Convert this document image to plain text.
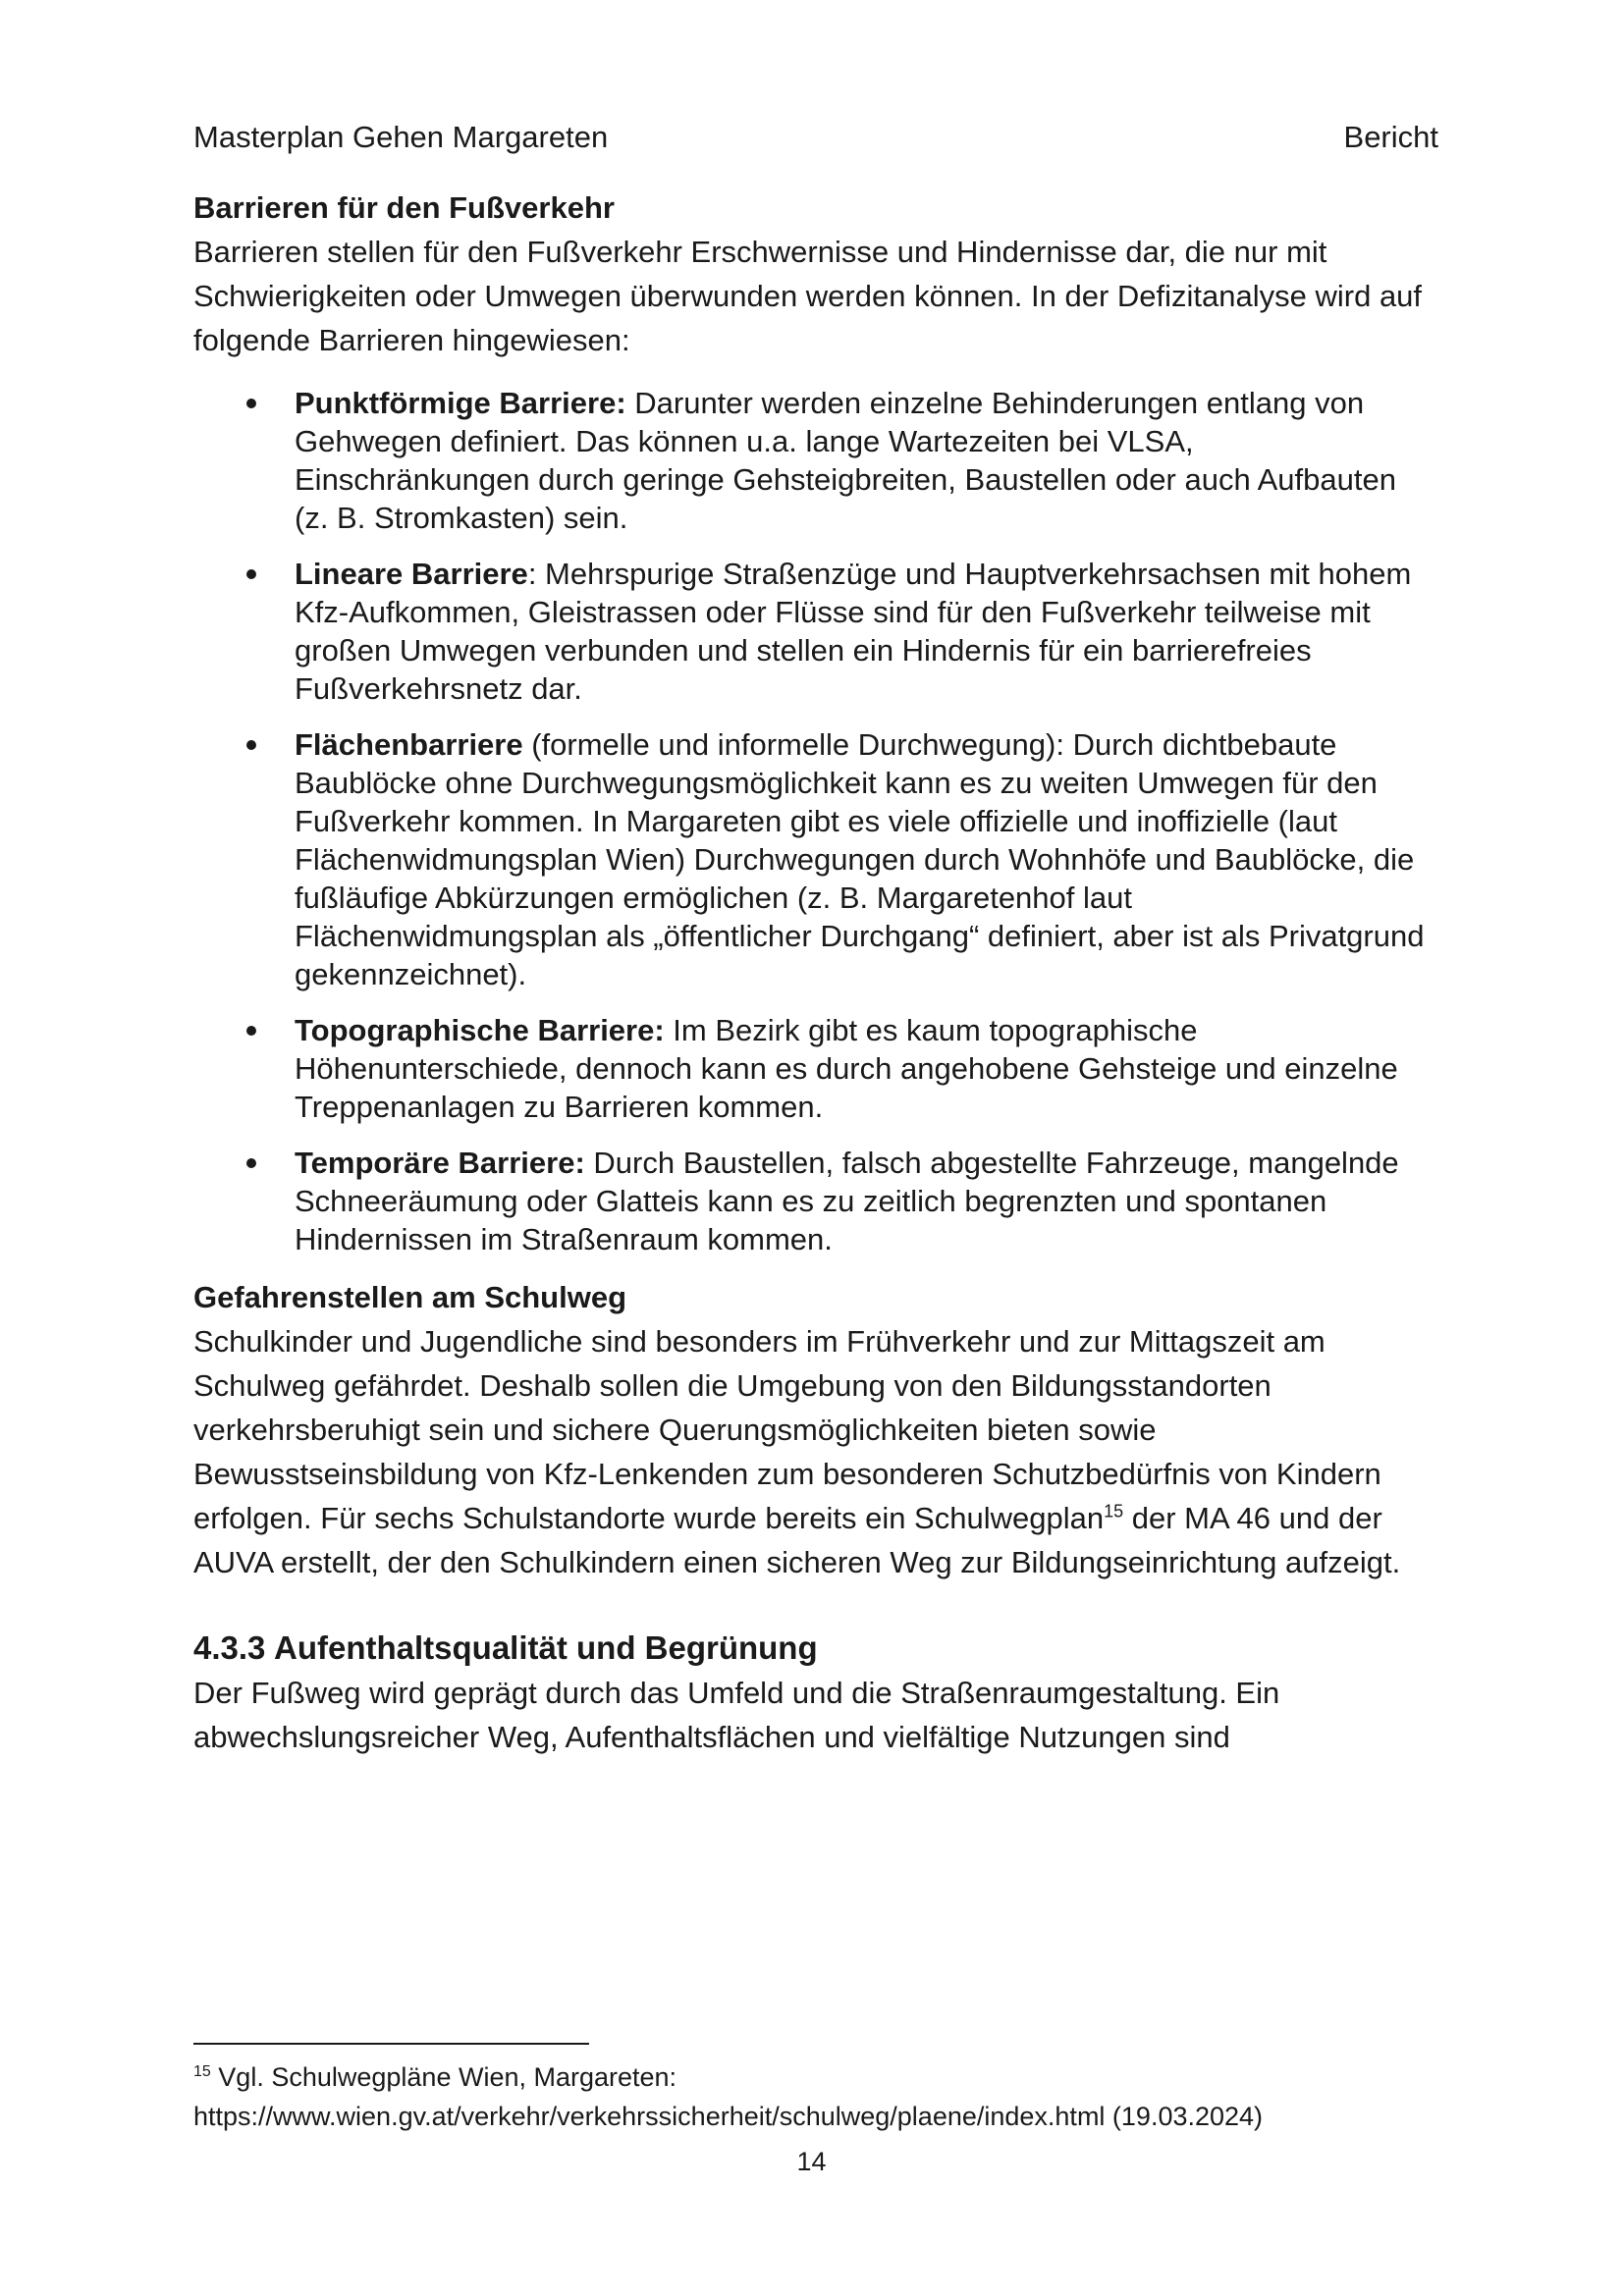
Masterplan Gehen Margareten	Bericht
Barrieren für den Fußverkehr

Barrieren stellen für den Fußverkehr Erschwernisse und Hindernisse dar, die nur mit Schwierigkeiten oder Umwegen überwunden werden können. In der Defizitanalyse wird auf folgende Barrieren hingewiesen:

Punktförmige Barriere: Darunter werden einzelne Behinderungen entlang von Gehwegen definiert. Das können u.a. lange Wartezeiten bei VLSA, Einschränkungen durch geringe Gehsteigbreiten, Baustellen oder auch Aufbauten (z. B. Stromkasten) sein.
Lineare Barriere: Mehrspurige Straßenzüge und Hauptverkehrsachsen mit hohem Kfz-Aufkommen, Gleistrassen oder Flüsse sind für den Fußverkehr teilweise mit großen Umwegen verbunden und stellen ein Hindernis für ein barrierefreies Fußverkehrsnetz dar.
Flächenbarriere (formelle und informelle Durchwegung): Durch dichtbebaute Baublöcke ohne Durchwegungsmöglichkeit kann es zu weiten Umwegen für den Fußverkehr kommen. In Margareten gibt es viele offizielle und inoffizielle (laut Flächenwidmungsplan Wien) Durchwegungen durch Wohnhöfe und Baublöcke, die fußläufige Abkürzungen ermöglichen (z. B. Margaretenhof laut Flächenwidmungsplan als „öffentlicher Durchgang“ definiert, aber ist als Privatgrund gekennzeichnet).
Topographische Barriere: Im Bezirk gibt es kaum topographische Höhenunterschiede, dennoch kann es durch angehobene Gehsteige und einzelne Treppenanlagen zu Barrieren kommen.
Temporäre Barriere: Durch Baustellen, falsch abgestellte Fahrzeuge, mangelnde Schneeräumung oder Glatteis kann es zu zeitlich begrenzten und spontanen Hindernissen im Straßenraum kommen.
Gefahrenstellen am Schulweg

Schulkinder und Jugendliche sind besonders im Frühverkehr und zur Mittagszeit am Schulweg gefährdet. Deshalb sollen die Umgebung von den Bildungsstandorten verkehrsberuhigt sein und sichere Querungsmöglichkeiten bieten sowie Bewusstseinsbildung von Kfz-Lenkenden zum besonderen Schutzbedürfnis von Kindern erfolgen. Für sechs Schulstandorte wurde bereits ein Schulwegplan$^{15}$ der MA 46 und der AUVA erstellt, der den Schulkindern einen sicheren Weg zur Bildungseinrichtung aufzeigt.

4.3.3 Aufenthaltsqualität und Begrünung

Der Fußweg wird geprägt durch das Umfeld und die Straßenraumgestaltung. Ein abwechslungsreicher Weg, Aufenthaltsflächen und vielfältige Nutzungen sind

$^{15}$ Vgl. Schulwegpläne Wien, Margareten:
https://www.wien.gv.at/verkehr/verkehrssicherheit/schulweg/plaene/index.html (19.03.2024)
14
